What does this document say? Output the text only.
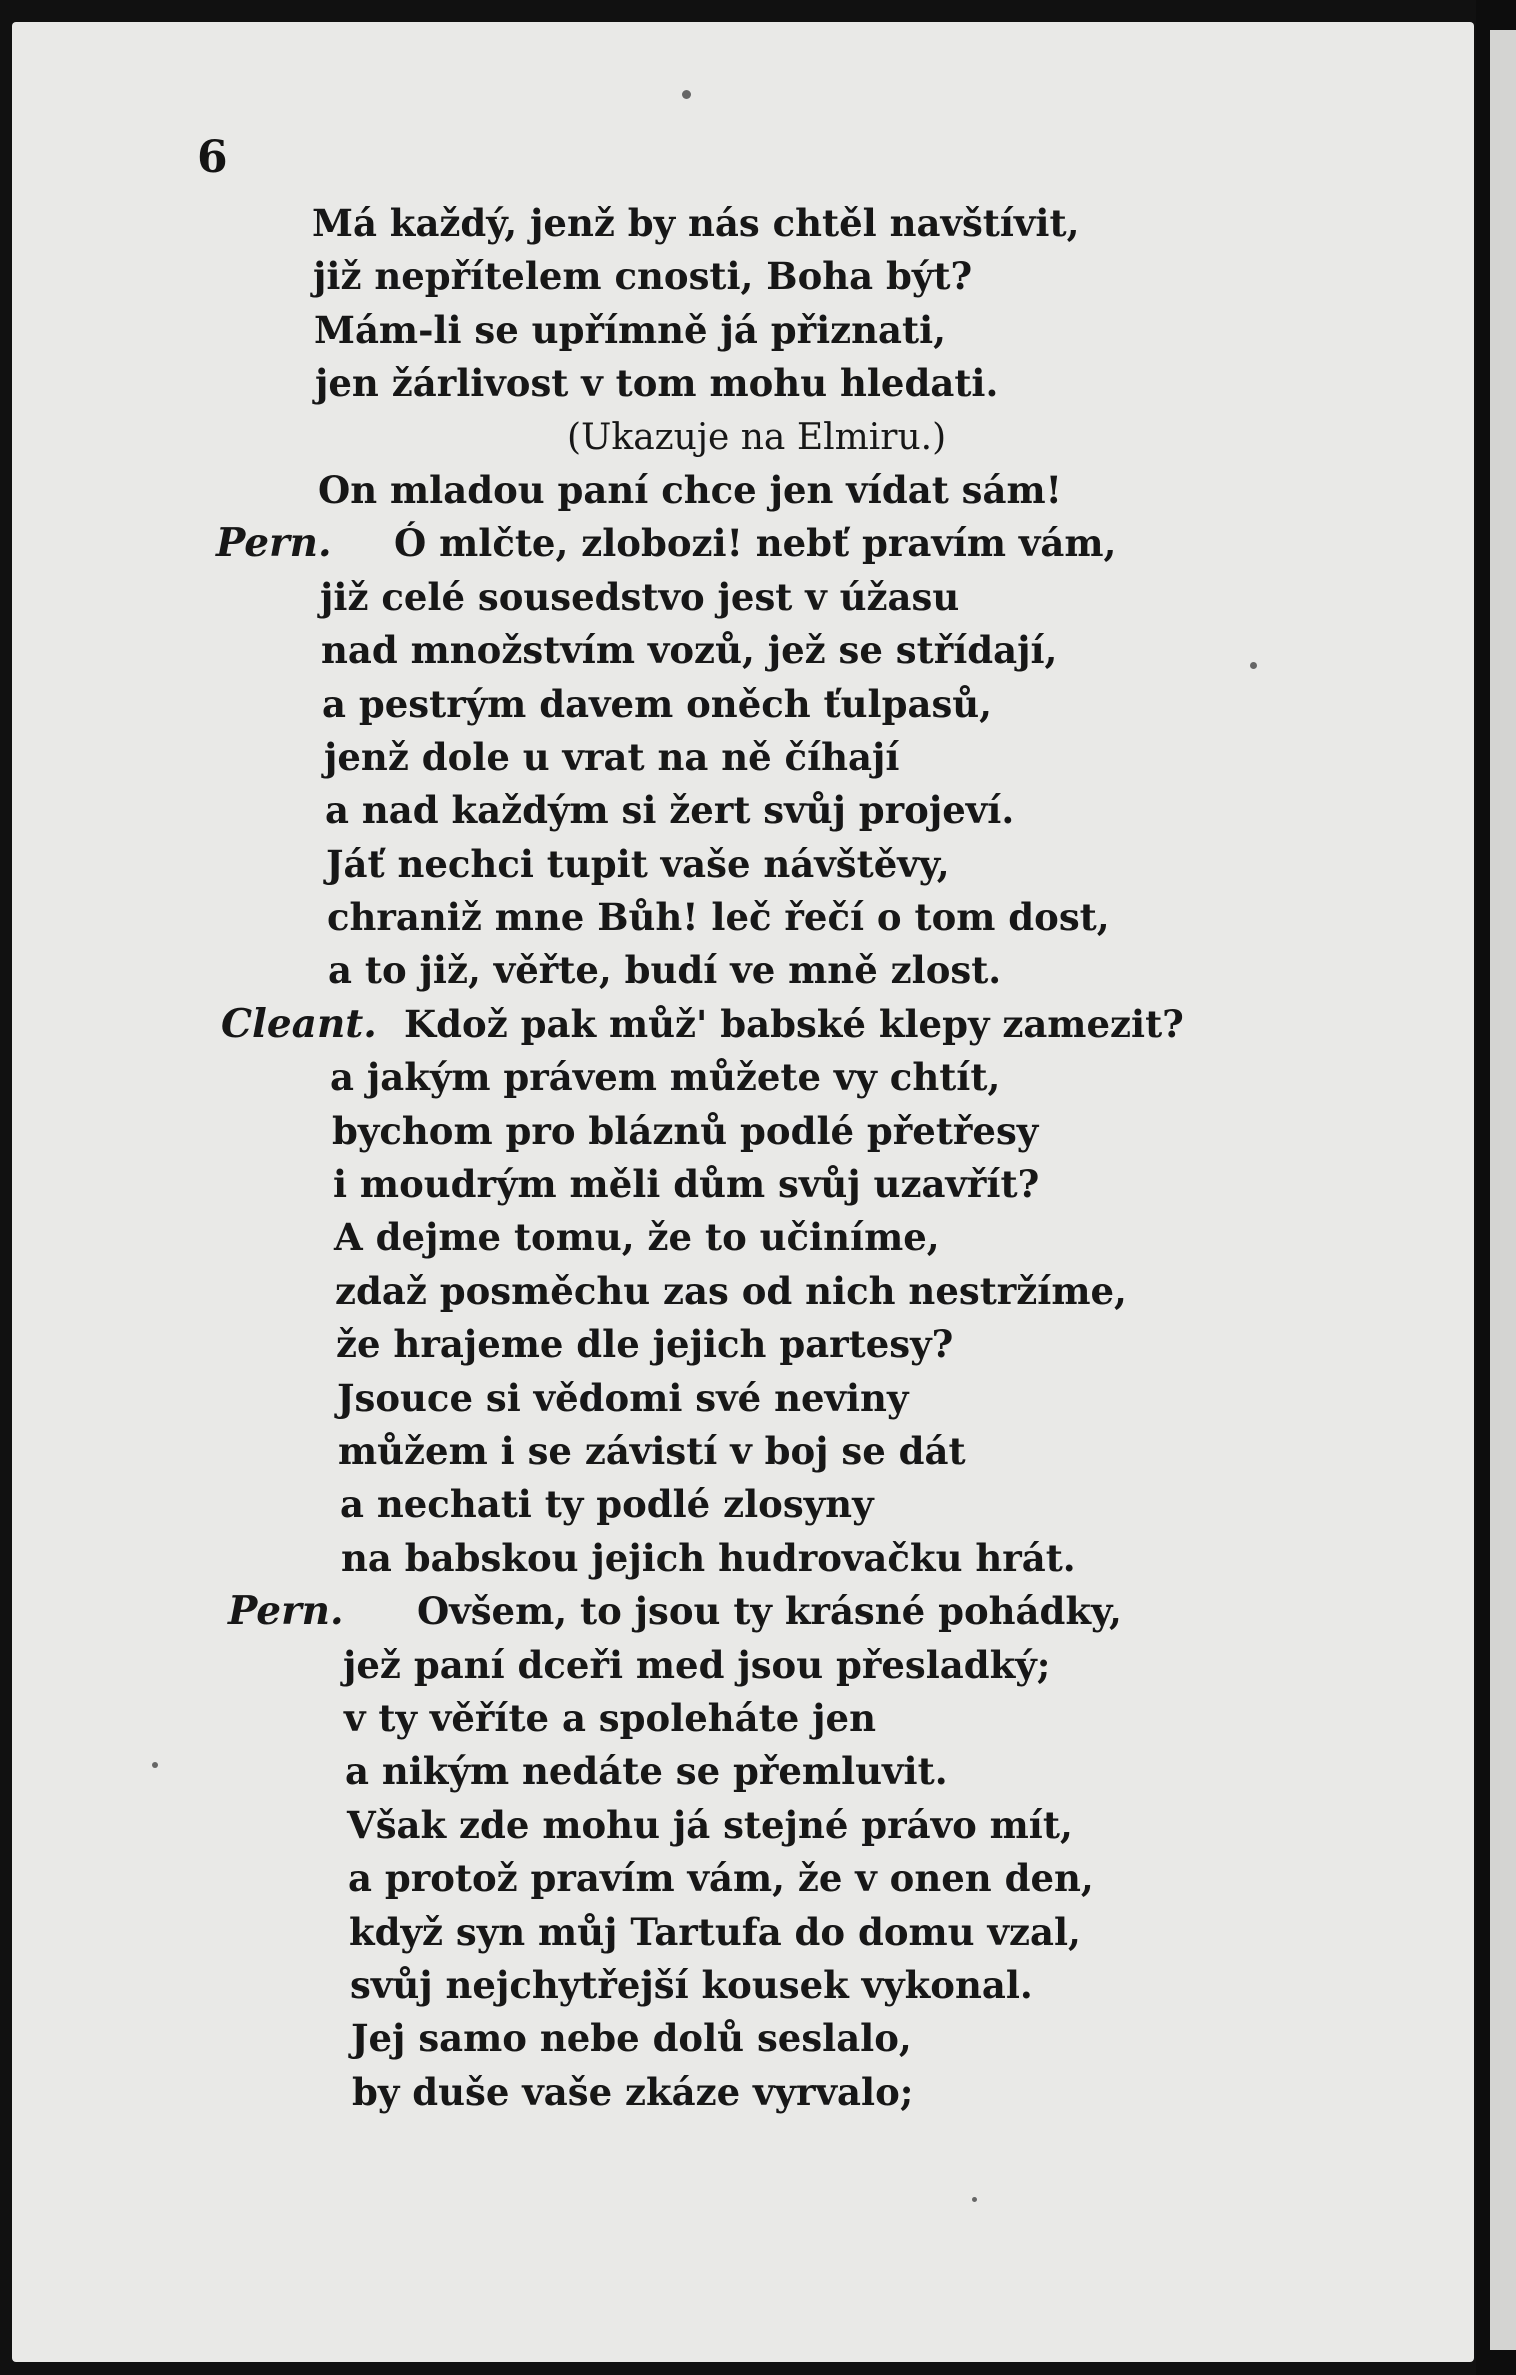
6
Má každý, jenž by nás chtěl navštívit,
již nepřítelem cnosti, Boha být?
Mám-li se upřímně já přiznati,
jen žárlivost v tom mohu hledati.
(Ukazuje na Elmiru.)
On mladou paní chce jen vídat sám!
Pern. Ó mlčte, zlobozi! nebť pravím vám,
již celé sousedstvo jest v úžasu
nad množstvím vozů, jež se střídají,
a pestrým davem oněch ťulpasů,
jenž dole u vrat na ně číhají
a nad každým si žert svůj projeví.
Jáť nechci tupit vaše návštěvy,
chraniž mne Bůh! leč řečí o tom dost,
a to již, věřte, budí ve mně zlost.
Cleant. Kdož pak můž' babské klepy zamezit?
a jakým právem můžete vy chtít,
bychom pro bláznů podlé přetřesy
i moudrým měli dům svůj uzavřít?
A dejme tomu, že to učiníme,
zdaž posměchu zas od nich nestržíme,
že hrajeme dle jejich partesy?
Jsouce si vědomi své neviny
můžem i se závistí v boj se dát
a nechati ty podlé zlosyny
na babskou jejich hudrovačku hrát.
Pern. Ovšem, to jsou ty krásné pohádky,
jež paní dceři med jsou přesladký;
v ty věříte a spoleháte jen
a nikým nedáte se přemluvit.
Však zde mohu já stejné právo mít,
a protož pravím vám, že v onen den,
když syn můj Tartufa do domu vzal,
svůj nejchytřejší kousek vykonal.
Jej samo nebe dolů seslalo,
by duše vaše zkáze vyrvalo;
